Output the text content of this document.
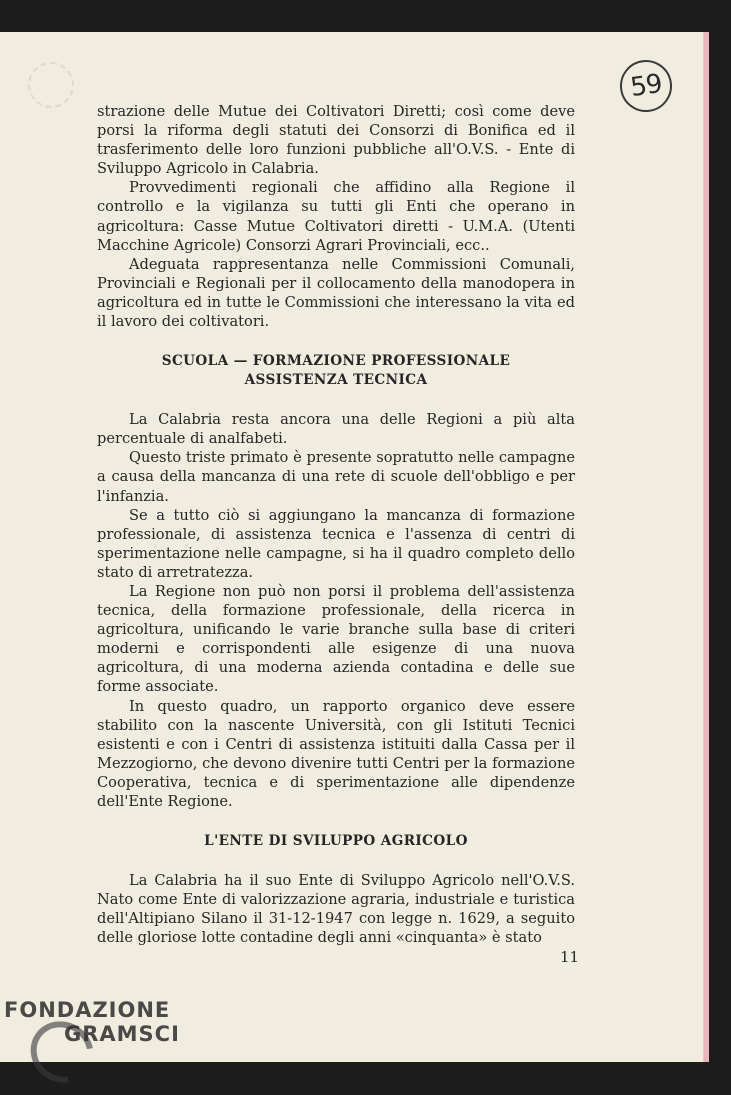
59

strazione delle Mutue dei Coltivatori Diretti; così come deve porsi la riforma degli statuti dei Consorzi di Bonifica ed il trasferimento delle loro funzioni pubbliche all'O.V.S. - Ente di Sviluppo Agricolo in Calabria.

Provvedimenti regionali che affidino alla Regione il controllo e la vigilanza su tutti gli Enti che operano in agricoltura: Casse Mutue Coltivatori diretti - U.M.A. (Utenti Macchine Agricole) Consorzi Agrari Provinciali, ecc..

Adeguata rappresentanza nelle Commissioni Comunali, Provinciali e Regionali per il collocamento della manodopera in agricoltura ed in tutte le Commissioni che interessano la vita ed il lavoro dei coltivatori.

SCUOLA — FORMAZIONE PROFESSIONALE

ASSISTENZA TECNICA

La Calabria resta ancora una delle Regioni a più alta percentuale di analfabeti.

Questo triste primato è presente sopratutto nelle campagne a causa della mancanza di una rete di scuole dell'obbligo e per l'infanzia.

Se a tutto ciò si aggiungano la mancanza di formazione professionale, di assistenza tecnica e l'assenza di centri di sperimentazione nelle campagne, si ha il quadro completo dello stato di arretratezza.

La Regione non può non porsi il problema dell'assistenza tecnica, della formazione professionale, della ricerca in agricoltura, unificando le varie branche sulla base di criteri moderni e corrispondenti alle esigenze di una nuova agricoltura, di una moderna azienda contadina e delle sue forme associate.

In questo quadro, un rapporto organico deve essere stabilito con la nascente Università, con gli Istituti Tecnici esistenti e con i Centri di assistenza istituiti dalla Cassa per il Mezzogiorno, che devono divenire tutti Centri per la formazione Cooperativa, tecnica e di sperimentazione alle dipendenze dell'Ente Regione.

L'ENTE DI SVILUPPO AGRICOLO

La Calabria ha il suo Ente di Sviluppo Agricolo nell'O.V.S. Nato come Ente di valorizzazione agraria, industriale e turistica dell'Altipiano Silano il 31-12-1947 con legge n. 1629, a seguito delle gloriose lotte contadine degli anni «cinquanta» è stato

11
FONDAZIONE
GRAMSCI
